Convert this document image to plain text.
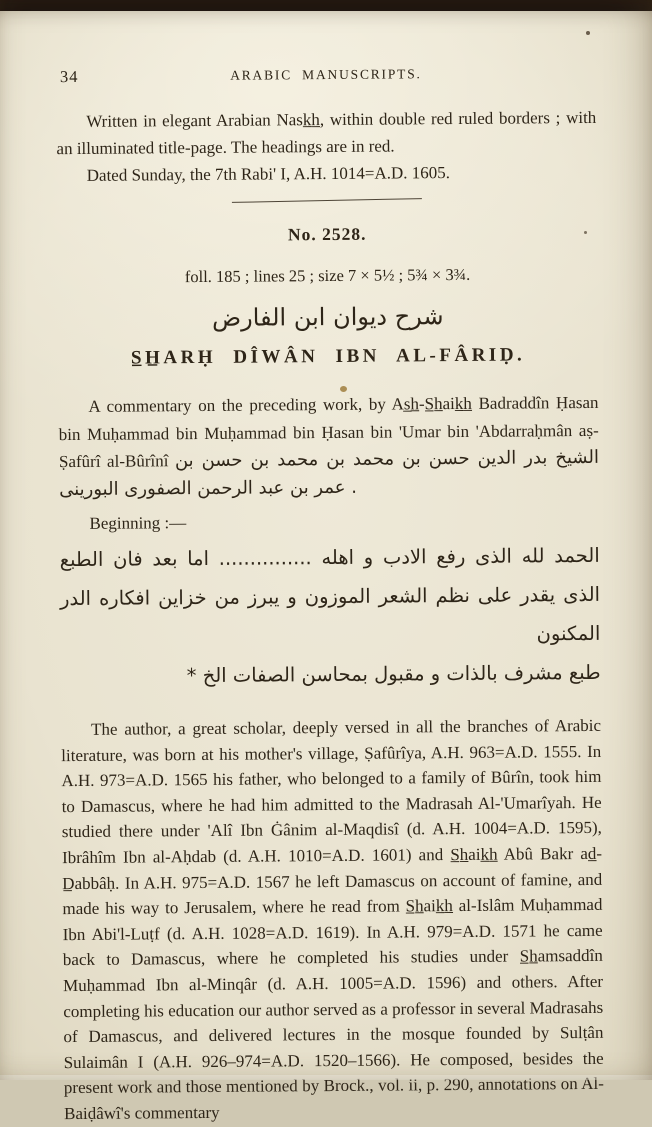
34	ARABIC MANUSCRIPTS.

Written in elegant Arabian Nask̲h̲, within double red ruled borders ; with an illuminated title-page. The headings are in red.

Dated Sunday, the 7th Rabi' I, A.H. 1014=A.D. 1605.

No. 2528.

foll. 185 ; lines 25 ; size 7 × 5½ ; 5¾ × 3¾.

شرح ديوان ابن الفارض

S̲H̲ARḤ DÎWÂN IBN AL-FÂRIḌ.

A commentary on the preceding work, by As̲h̲-S̲h̲aik̲h̲ Badraddîn Ḥasan bin Muḥammad bin Muḥammad bin Ḥasan bin 'Umar bin 'Abdarraḥmân aṣ-Ṣafûrî al-Bûrînî الشيخ بدر الدين حسن بن محمد بن محمد بن حسن بن عمر بن عبد الرحمن الصفورى البورينى .

Beginning :—

الحمد لله الذى رفع الادب و اهله ............... اما بعد فان الطبع
الذى يقدر على نظم الشعر الموزون و يبرز من خزاين افكاره الدر المكنون
طبع مشرف بالذات و مقبول بمحاسن الصفات الخ *

The author, a great scholar, deeply versed in all the branches of Arabic literature, was born at his mother's village, Ṣafûrîya, A.H. 963=A.D. 1555. In A.H. 973=A.D. 1565 his father, who belonged to a family of Bûrîn, took him to Damascus, where he had him admitted to the Madrasah Al-'Umarîyah. He studied there under 'Alî Ibn Ġânim al-Maqdisî (d. A.H. 1004=A.D. 1595), Ibrâhîm Ibn al-Aḥdab (d. A.H. 1010=A.D. 1601) and S̲h̲aik̲h̲ Abû Bakr ad̲-D̲abbâḥ. In A.H. 975=A.D. 1567 he left Damascus on account of famine, and made his way to Jerusalem, where he read from S̲h̲aik̲h̲ al-Islâm Muḥammad Ibn Abi'l-Luṭf (d. A.H. 1028=A.D. 1619). In A.H. 979=A.D. 1571 he came back to Damascus, where he completed his studies under S̲h̲amsaddîn Muḥammad Ibn al-Minqâr (d. A.H. 1005=A.D. 1596) and others. After completing his education our author served as a professor in several Madrasahs of Damascus, and delivered lectures in the mosque founded by Sulṭân Sulaimân I (A.H. 926–974=A.D. 1520–1566). He composed, besides the present work and those mentioned by Brock., vol. ii, p. 290, annotations on Al-Baiḍâwî's commentary
